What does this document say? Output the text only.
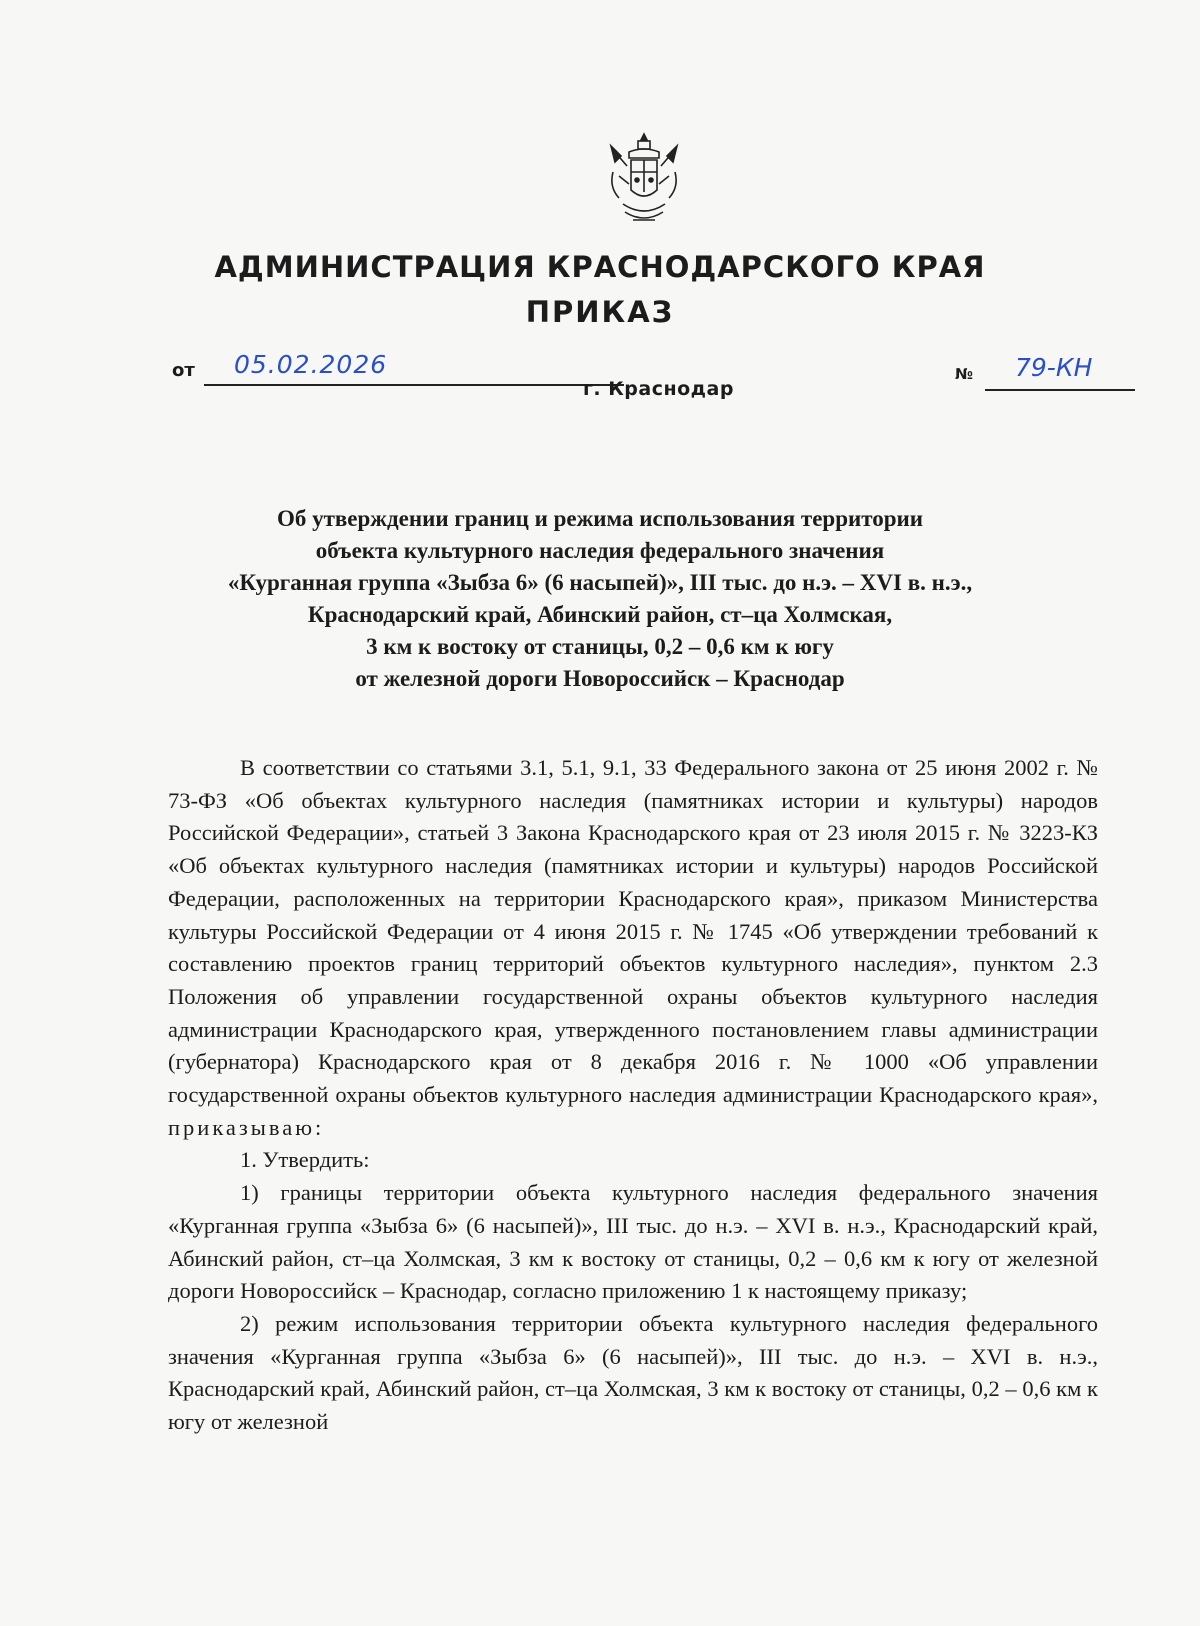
АДМИНИСТРАЦИЯ КРАСНОДАРСКОГО КРАЯ
ПРИКАЗ
от 05.02.2026
г. Краснодар
№ 79-КН
Об утверждении границ и режима использования территории
объекта культурного наследия федерального значения
«Курганная группа «Зыбза 6» (6 насыпей)», III тыс. до н.э. – XVI в. н.э.,
Краснодарский край, Абинский район, ст–ца Холмская,
3 км к востоку от станицы, 0,2 – 0,6 км к югу
от железной дороги Новороссийск – Краснодар

В соответствии со статьями 3.1, 5.1, 9.1, 33 Федерального закона от 25 июня 2002 г. № 73-ФЗ «Об объектах культурного наследия (памятниках истории и культуры) народов Российской Федерации», статьей 3 Закона Краснодарского края от 23 июля 2015 г. № 3223-КЗ «Об объектах культурного наследия (памятниках истории и культуры) народов Российской Федерации, расположенных на территории Краснодарского края», приказом Министерства культуры Российской Федерации от 4 июня 2015 г. № 1745 «Об утверждении требований к составлению проектов границ территорий объектов культурного наследия», пунктом 2.3 Положения об управлении государственной охраны объектов культурного наследия администрации Краснодарского края, утвержденного постановлением главы администрации (губернатора) Краснодарского края от 8 декабря 2016 г. № 1000 «Об управлении государственной охраны объектов культурного наследия администрации Краснодарского края», приказываю:

1. Утвердить:

1) границы территории объекта культурного наследия федерального значения «Курганная группа «Зыбза 6» (6 насыпей)», III тыс. до н.э. – XVI в. н.э., Краснодарский край, Абинский район, ст–ца Холмская, 3 км к востоку от станицы, 0,2 – 0,6 км к югу от железной дороги Новороссийск – Краснодар, согласно приложению 1 к настоящему приказу;

2) режим использования территории объекта культурного наследия федерального значения «Курганная группа «Зыбза 6» (6 насыпей)», III тыс. до н.э. – XVI в. н.э., Краснодарский край, Абинский район, ст–ца Холмская, 3 км к востоку от станицы, 0,2 – 0,6 км к югу от железной
